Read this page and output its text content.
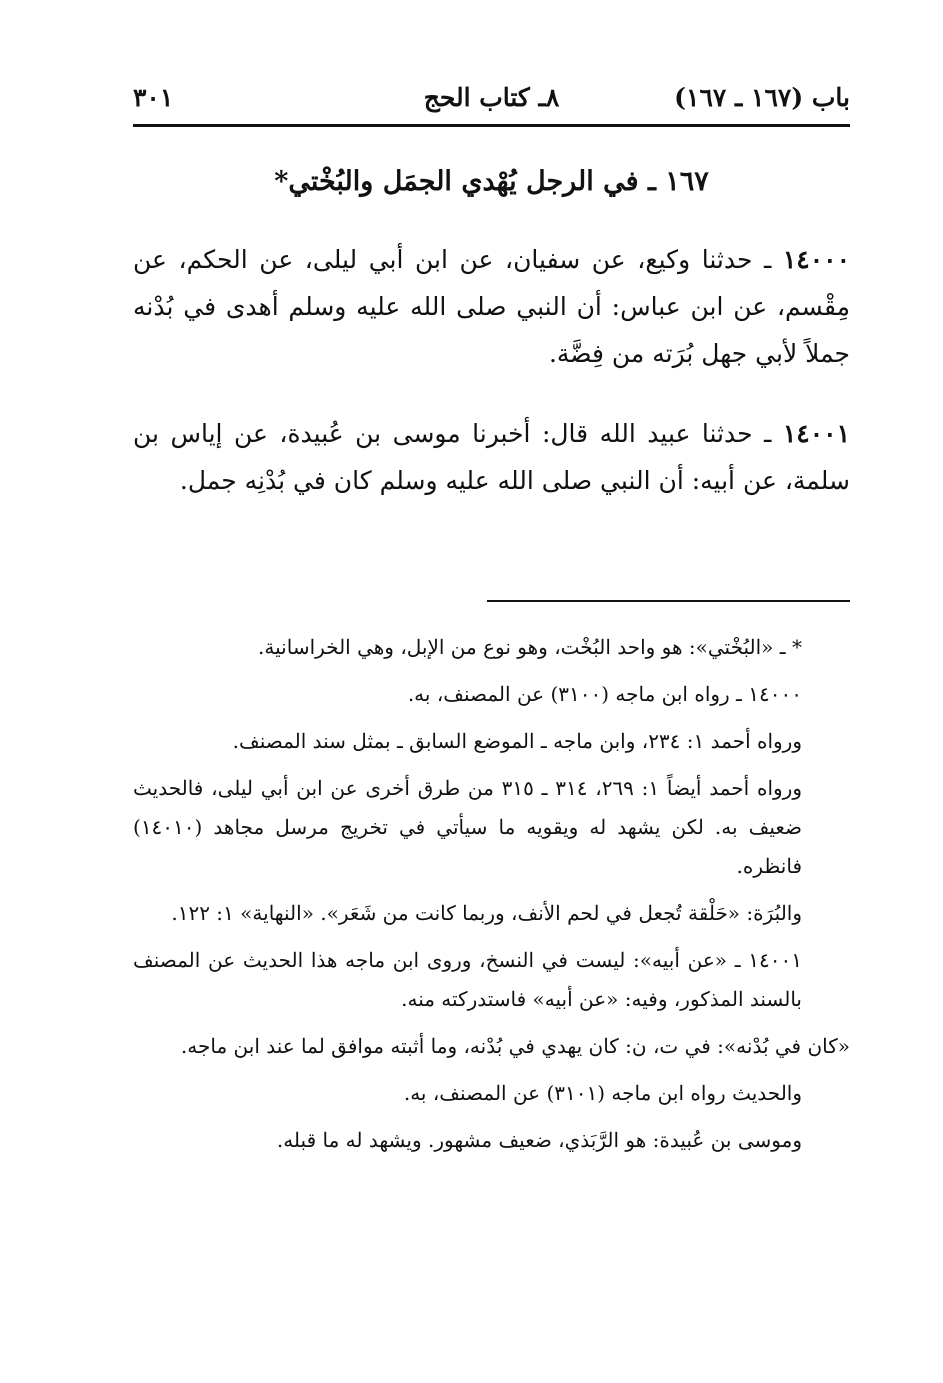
باب (١٦٧ ـ ١٦٧)
٨ـ كتاب الحج
٣٠١
١٦٧ ـ في الرجل يُهْدي الجمَل والبُخْتي*
١٤٠٠٠ ـ حدثنا وكيع، عن سفيان، عن ابن أبي ليلى، عن الحكم، عن مِقْسم، عن ابن عباس: أن النبي صلى الله عليه وسلم أهدى في بُدْنه جملاً لأبي جهل بُرَته من فِضَّة.
١٤٠٠١ ـ حدثنا عبيد الله قال: أخبرنا موسى بن عُبيدة، عن إياس بن سلمة، عن أبيه: أن النبي صلى الله عليه وسلم كان في بُدْنِه جمل.

* ـ «البُخْتي»: هو واحد البُخْت، وهو نوع من الإبل، وهي الخراسانية.

١٤٠٠٠ ـ رواه ابن ماجه (٣١٠٠) عن المصنف، به.

ورواه أحمد ١: ٢٣٤، وابن ماجه ـ الموضع السابق ـ بمثل سند المصنف.

ورواه أحمد أيضاً ١: ٢٦٩، ٣١٤ ـ ٣١٥ من طرق أخرى عن ابن أبي ليلى، فالحديث ضعيف به. لكن يشهد له ويقويه ما سيأتي في تخريج مرسل مجاهد (١٤٠١٠) فانظره.

والبُرَة: «حَلْقة تُجعل في لحم الأنف، وربما كانت من شَعَر». «النهاية» ١: ١٢٢.

١٤٠٠١ ـ «عن أبيه»: ليست في النسخ، وروى ابن ماجه هذا الحديث عن المصنف بالسند المذكور، وفيه: «عن أبيه» فاستدركته منه.

«كان في بُدْنه»: في ت، ن: كان يهدي في بُدْنه، وما أثبته موافق لما عند ابن ماجه.

والحديث رواه ابن ماجه (٣١٠١) عن المصنف، به.

وموسى بن عُبيدة: هو الرَّبَذي، ضعيف مشهور. ويشهد له ما قبله.
